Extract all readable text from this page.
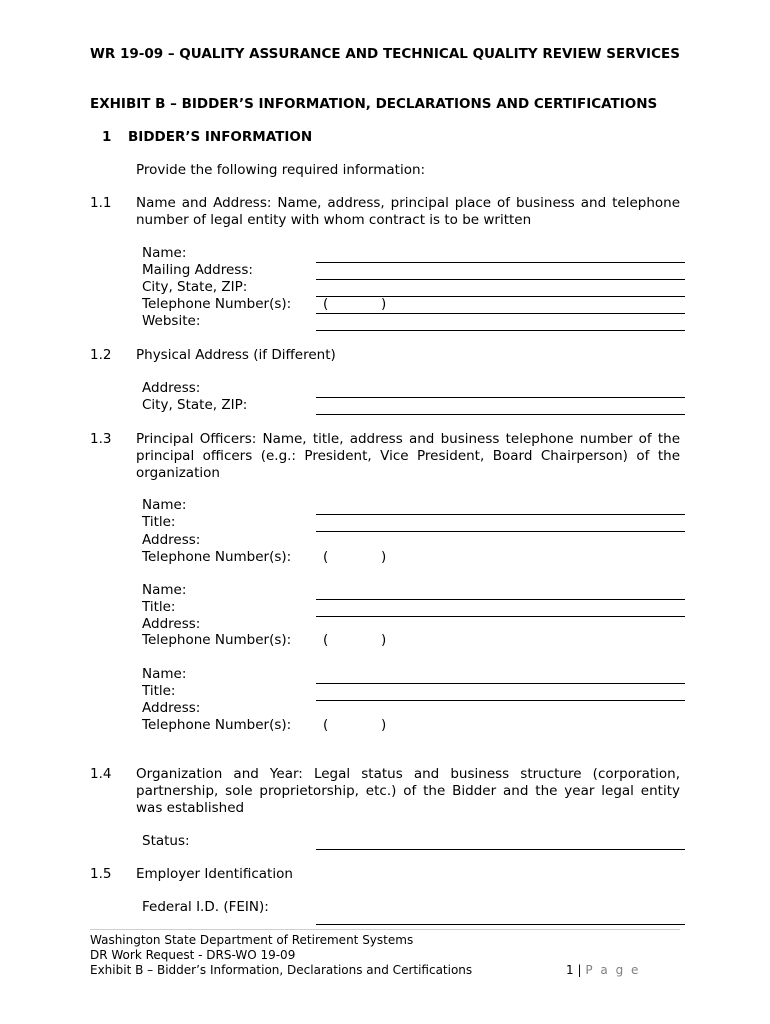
WR 19-09 – QUALITY ASSURANCE AND TECHNICAL QUALITY REVIEW SERVICES
EXHIBIT B – BIDDER’S INFORMATION, DECLARATIONS AND CERTIFICATIONS
1 BIDDER’S INFORMATION
Provide the following required information:
1.1 Name and Address: Name, address, principal place of business and telephone number of legal entity with whom contract is to be written
Name:
Mailing Address:
City, State, ZIP:
Telephone Number(s): (	)
Website:
1.2 Physical Address (if Different)
Address:
City, State, ZIP:
1.3 Principal Officers: Name, title, address and business telephone number of the principal officers (e.g.: President, Vice President, Board Chairperson) of the organization
Name:
Title:
Address:
Telephone Number(s): (	)
Name:
Title:
Address:
Telephone Number(s): (	)
Name:
Title:
Address:
Telephone Number(s): (	)
1.4 Organization and Year: Legal status and business structure (corporation, partnership, sole proprietorship, etc.) of the Bidder and the year legal entity was established
Status:
1.5 Employer Identification
Federal I.D. (FEIN):
Washington State Department of Retirement Systems
DR Work Request - DRS-WO 19-09
Exhibit B – Bidder’s Information, Declarations and Certifications	1 | P a g e
